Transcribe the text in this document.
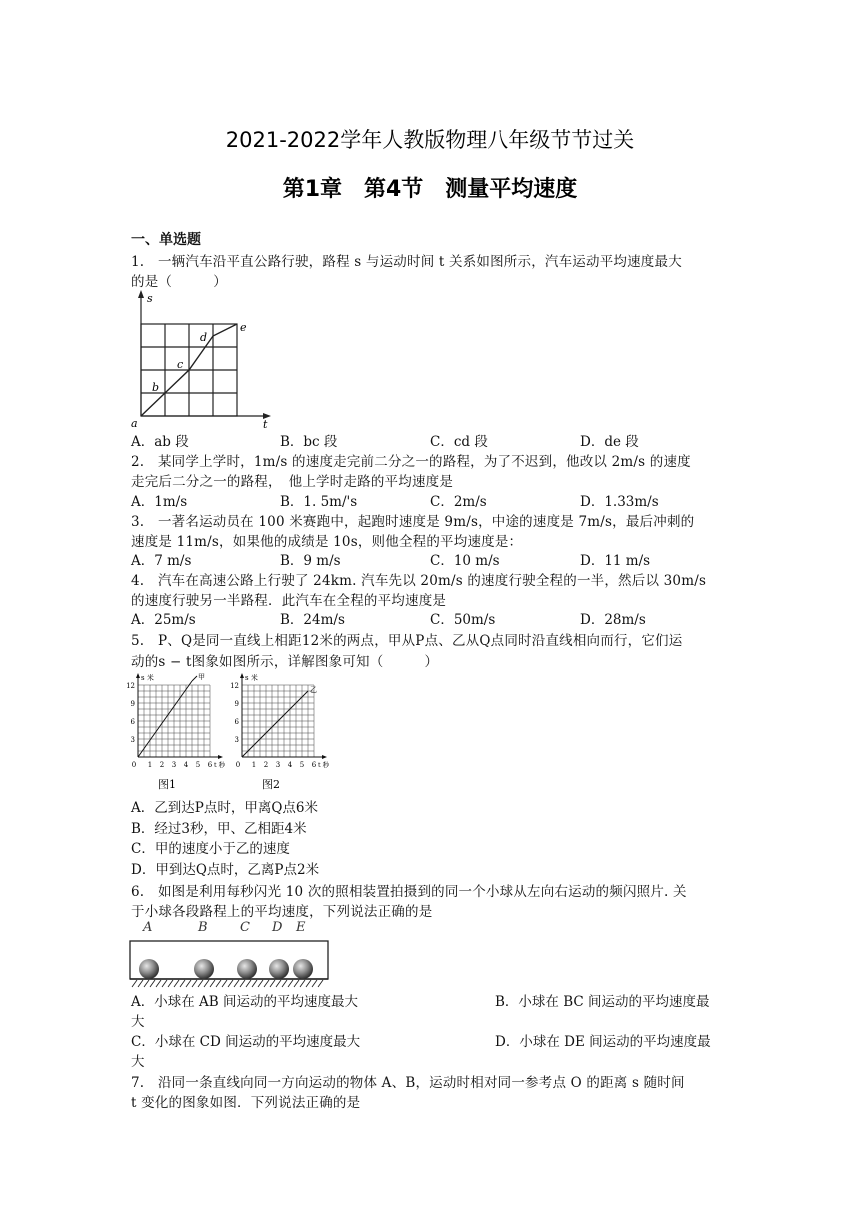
2021-2022学年人教版物理八年级节节过关
第1章　第4节　测量平均速度
一、单选题
1.　一辆汽车沿平直公路行驶，路程 s 与运动时间 t 关系如图所示，汽车运动平均速度最大
的是（　　　）
s
t
a
b
c
d
e
A．ab 段	B．bc 段	C．cd 段	D．de 段
2.　某同学上学时，1m/s 的速度走完前二分之一的路程，为了不迟到，他改以 2m/s 的速度
走完后二分之一的路程，　他上学时走路的平均速度是
A．1m/s	B．1. 5m/'s	C．2m/s	D．1.33m/s
3.　一著名运动员在 100 米赛跑中，起跑时速度是 9m/s，中途的速度是 7m/s，最后冲刺的
速度是 11m/s，如果他的成绩是 10s，则他全程的平均速度是：
A．7 m/s	B．9 m/s	C．10 m/s	D．11 m/s
4.　汽车在高速公路上行驶了 24km. 汽车先以 20m/s 的速度行驶全程的一半，然后以 30m/s
的速度行驶另一半路程．此汽车在全程的平均速度是
A．25m/s	B．24m/s	C．50m/s	D．28m/s
5.　P、Q是同一直线上相距12米的两点，甲从P点、乙从Q点同时沿直线相向而行，它们运
动的s − t图象如图所示，详解图象可知（　　　）
s 米	甲
12
9
6
3
0 1 2 3 4 5 6 t 秒
图1
s 米
乙
12
9
6
3
0 1 2 3 4 5 6 t 秒
图2
A．乙到达P点时，甲离Q点6米
B．经过3秒，甲、乙相距4米
C．甲的速度小于乙的速度
D．甲到达Q点时，乙离P点2米
6.　如图是利用每秒闪光 10 次的照相装置拍摄到的同一个小球从左向右运动的频闪照片. 关
于小球各段路程上的平均速度，下列说法正确的是
A	B C D E
A．小球在 AB 间运动的平均速度最大	B．小球在 BC 间运动的平均速度最
大
C．小球在 CD 间运动的平均速度最大	D．小球在 DE 间运动的平均速度最
大
7.　沿同一条直线向同一方向运动的物体 A、B，运动时相对同一参考点 O 的距离 s 随时间
t 变化的图象如图．下列说法正确的是
